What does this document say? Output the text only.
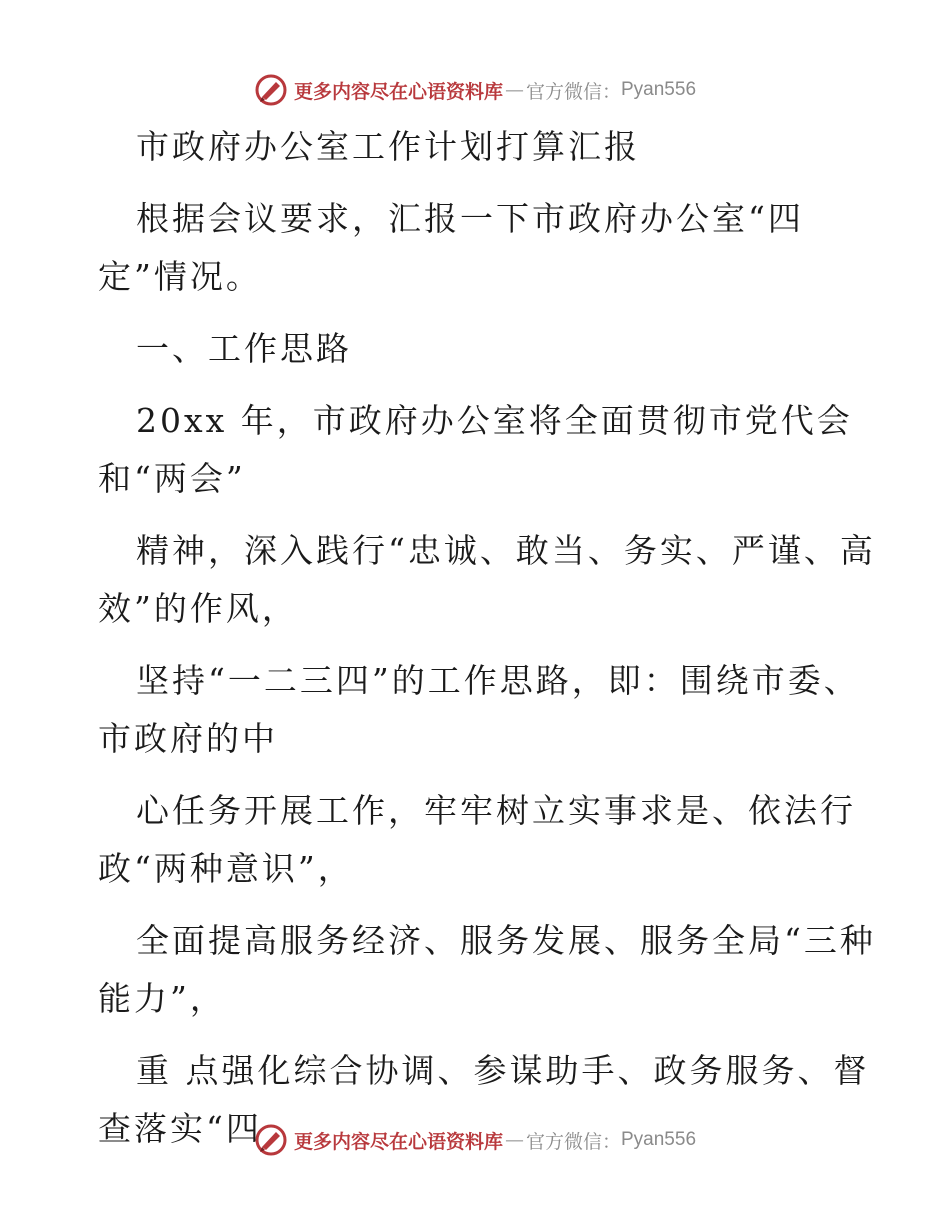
更多内容尽在心语资料库 — 官方微信： Pyan556
市政府办公室工作计划打算汇报
根据会议要求，汇报一下市政府办公室“四
定”情况。
一、工作思路
20xx 年，市政府办公室将全面贯彻市党代会
和“两会”
精神，深入践行“忠诚、敢当、务实、严谨、高
效”的作风，
坚持“一二三四”的工作思路，即：围绕市委、
市政府的中
心任务开展工作，牢牢树立实事求是、依法行
政“两种意识”，
全面提高服务经济、服务发展、服务全局“三种
能力”，
重 点强化综合协调、参谋助手、政务服务、督
查落实“四	更多内容尽在心语资料库 — 官方微信： Pyan556
